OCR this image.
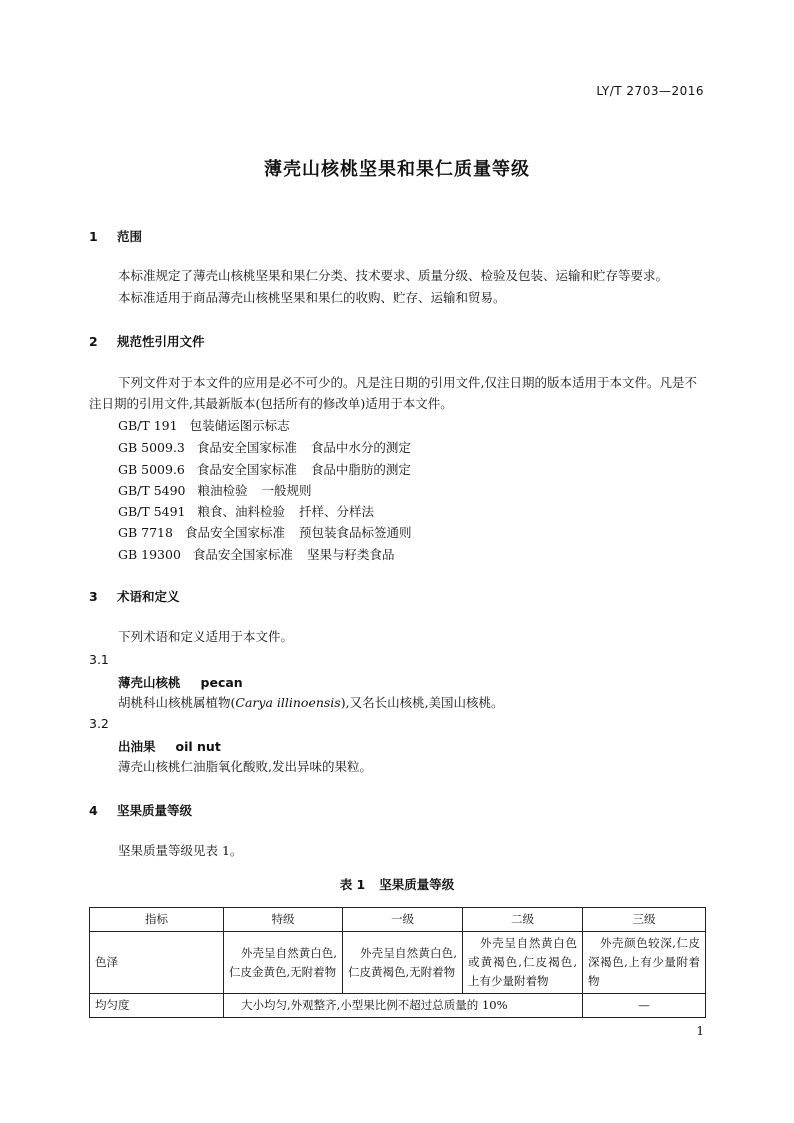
LY/T 2703—2016
薄壳山核桃坚果和果仁质量等级
1 范围
本标准规定了薄壳山核桃坚果和果仁分类、技术要求、质量分级、检验及包装、运输和贮存等要求。
本标准适用于商品薄壳山核桃坚果和果仁的收购、贮存、运输和贸易。
2 规范性引用文件
下列文件对于本文件的应用是必不可少的。凡是注日期的引用文件,仅注日期的版本适用于本文件。凡是不注日期的引用文件,其最新版本(包括所有的修改单)适用于本文件。
GB/T 191 包装储运图示标志
GB 5009.3 食品安全国家标准 食品中水分的测定
GB 5009.6 食品安全国家标准 食品中脂肪的测定
GB/T 5490 粮油检验 一般规则
GB/T 5491 粮食、油料检验 扦样、分样法
GB 7718 食品安全国家标准 预包装食品标签通则
GB 19300 食品安全国家标准 坚果与籽类食品
3 术语和定义
下列术语和定义适用于本文件。
3.1
薄壳山核桃 pecan
胡桃科山核桃属植物(Carya illinoensis),又名长山核桃,美国山核桃。
3.2
出油果 oil nut
薄壳山核桃仁油脂氧化酸败,发出异味的果粒。
4 坚果质量等级
坚果质量等级见表 1。
表 1 坚果质量等级
指标	特级	一级	二级	三级
色泽	外壳呈自然黄白色,仁皮金黄色,无附着物	外壳呈自然黄白色,仁皮黄褐色,无附着物	外壳呈自然黄白色或黄褐色,仁皮褐色,上有少量附着物	外壳颜色较深,仁皮深褐色,上有少量附着物
均匀度	大小均匀,外观整齐,小型果比例不超过总质量的 10%			—
1
